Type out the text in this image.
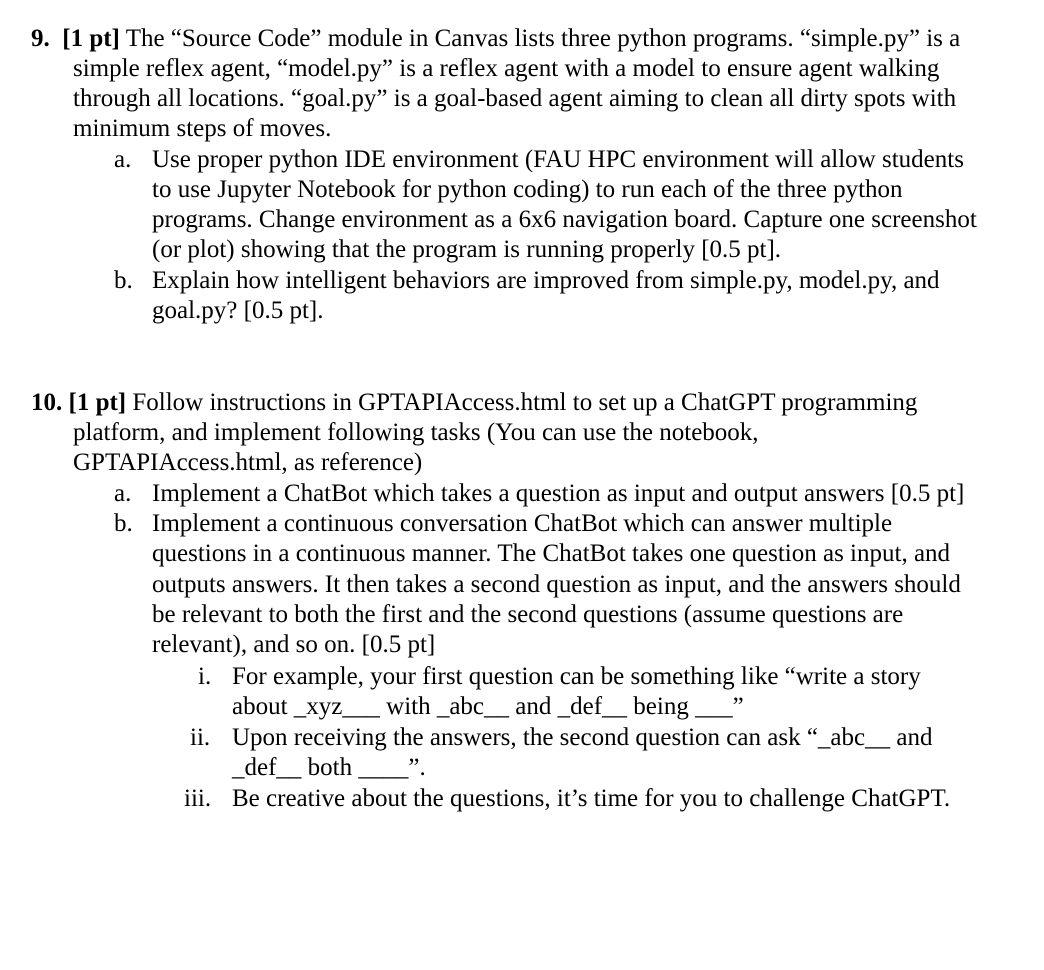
9. [1 pt] The “Source Code” module in Canvas lists three python programs. “simple.py” is a
simple reflex agent, “model.py” is a reflex agent with a model to ensure agent walking
through all locations. “goal.py” is a goal-based agent aiming to clean all dirty spots with
minimum steps of moves.
a. Use proper python IDE environment (FAU HPC environment will allow students
to use Jupyter Notebook for python coding) to run each of the three python
programs. Change environment as a 6x6 navigation board. Capture one screenshot
(or plot) showing that the program is running properly [0.5 pt].
b. Explain how intelligent behaviors are improved from simple.py, model.py, and
goal.py? [0.5 pt].
10. [1 pt] Follow instructions in GPTAPIAccess.html to set up a ChatGPT programming
platform, and implement following tasks (You can use the notebook,
GPTAPIAccess.html, as reference)
a. Implement a ChatBot which takes a question as input and output answers [0.5 pt]
b. Implement a continuous conversation ChatBot which can answer multiple
questions in a continuous manner. The ChatBot takes one question as input, and
outputs answers. It then takes a second question as input, and the answers should
be relevant to both the first and the second questions (assume questions are
relevant), and so on. [0.5 pt]
i. For example, your first question can be something like “write a story
about _xyz___ with _abc__ and _def__ being ___”
ii. Upon receiving the answers, the second question can ask “_abc__ and
_def__ both ____”.
iii. Be creative about the questions, it’s time for you to challenge ChatGPT.
